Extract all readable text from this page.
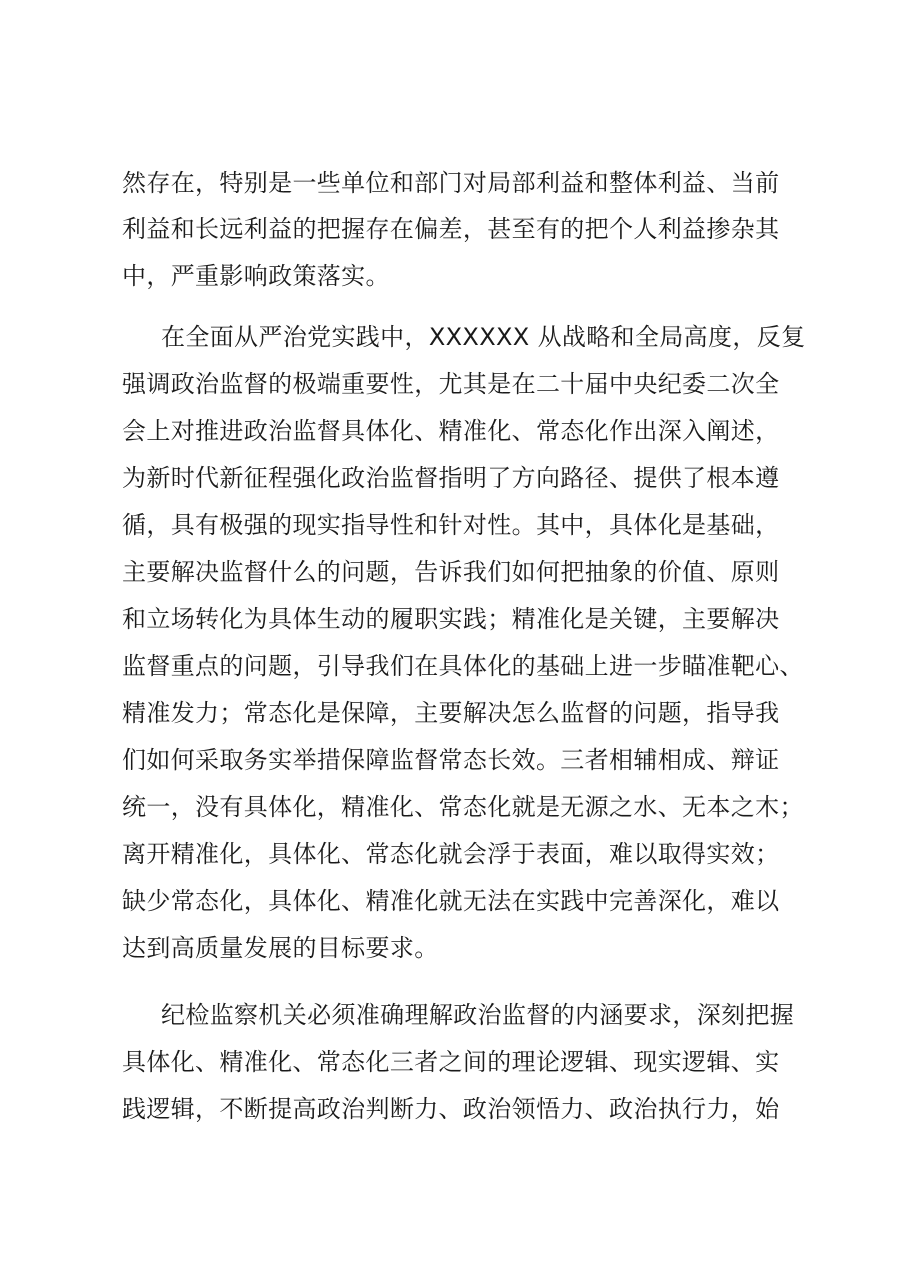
然存在，特别是一些单位和部门对局部利益和整体利益、当前
利益和长远利益的把握存在偏差，甚至有的把个人利益掺杂其
中，严重影响政策落实。
在全面从严治党实践中，XXXXXX 从战略和全局高度，反复
强调政治监督的极端重要性，尤其是在二十届中央纪委二次全
会上对推进政治监督具体化、精准化、常态化作出深入阐述，
为新时代新征程强化政治监督指明了方向路径、提供了根本遵
循，具有极强的现实指导性和针对性。其中，具体化是基础，
主要解决监督什么的问题，告诉我们如何把抽象的价值、原则
和立场转化为具体生动的履职实践；精准化是关键，主要解决
监督重点的问题，引导我们在具体化的基础上进一步瞄准靶心、
精准发力；常态化是保障，主要解决怎么监督的问题，指导我
们如何采取务实举措保障监督常态长效。三者相辅相成、辩证
统一，没有具体化，精准化、常态化就是无源之水、无本之木；
离开精准化，具体化、常态化就会浮于表面，难以取得实效；
缺少常态化，具体化、精准化就无法在实践中完善深化，难以
达到高质量发展的目标要求。
纪检监察机关必须准确理解政治监督的内涵要求，深刻把握
具体化、精准化、常态化三者之间的理论逻辑、现实逻辑、实
践逻辑，不断提高政治判断力、政治领悟力、政治执行力，始
